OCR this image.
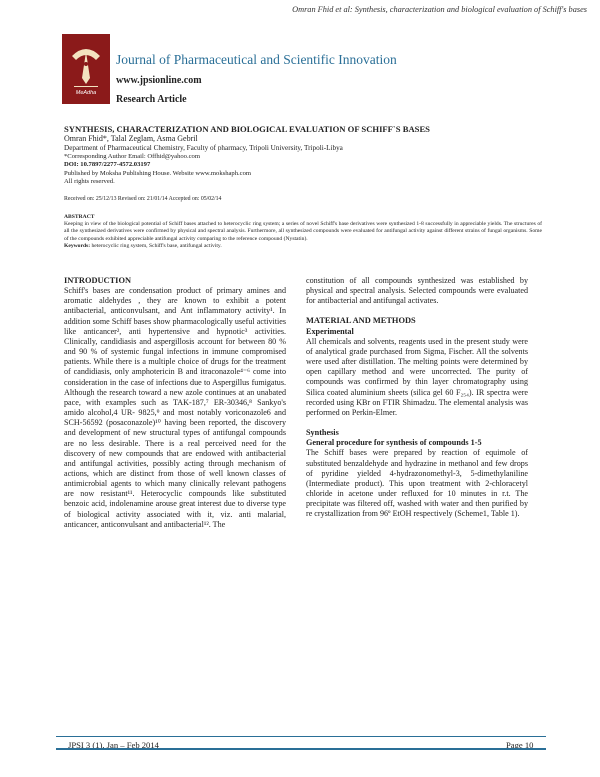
Omran Fhid et al: Synthesis, characterization and biological evaluation of Schiff's bases
MeAdha
Journal of Pharmaceutical and Scientific Innovation
www.jpsionline.com
Research Article
SYNTHESIS, CHARACTERIZATION AND BIOLOGICAL EVALUATION OF SCHIFF`S BASES
Omran Fhid*, Talal Zeglam, Asma Gebril
Department of Pharmaceutical Chemistry, Faculty of pharmacy, Tripoli University, Tripoli-Libya
*Corresponding Author Email: Offhid@yahoo.com
DOI: 10.7897/2277-4572.03197
Published by Moksha Publishing House. Website www.mokshaph.com
All rights reserved.
Received on: 25/12/13 Revised on: 21/01/14 Accepted on: 05/02/14
ABSTRACT
Keeping in view of the biological potential of Schiff bases attached to heterocyclic ring system; a series of novel Schiff's base derivatives were synthesized 1-8 successfully in appreciable yields. The structures of all the synthesized derivatives were confirmed by physical and spectral analysis. Furthermore, all synthesized compounds were evaluated for antifungal activity against different strains of fungal organisms. Some of the compounds exhibited appreciable antifungal activity comparing to the reference compound (Nystatin).
Keywords: heterocyclic ring system, Schiff's base, antifungal activity.

INTRODUCTION

Schiff's bases are condensation product of primary amines and aromatic aldehydes , they are known to exhibit a potent antibacterial, anticonvulsant, and Ant inflammatory activity¹. In addition some Schiff bases show pharmacologically useful activities like anticancer², anti hypertensive and hypnotic³ activities. Clinically, candidiasis and aspergillosis account for between 80 % and 90 % of systemic fungal infections in immune compromised patients. While there is a multiple choice of drugs for the treatment of candidiasis, only amphotericin B and itraconazole⁴⁻⁶ come into consideration in the case of infections due to Aspergillus fumigatus. Although the research toward a new azole continues at an unabated pace, with examples such as TAK-187,⁷ ER-30346,⁸ Sankyo's amido alcohol,4 UR- 9825,⁹ and most notably voriconazole6 and SCH-56592 (posaconazole)¹⁰ having been reported, the discovery and development of new structural types of antifungal compounds are no less desirable. There is a real perceived need for the discovery of new compounds that are endowed with antibacterial and antifungal activities, possibly acting through mechanism of actions, which are distinct from those of well known classes of antimicrobial agents to which many clinically relevant pathogens are now resistant¹¹. Heterocyclic compounds like substituted benzoic acid, indolenamine arouse great interest due to diverse type of biological activity associated with it, viz. anti malarial, anticancer, anticonvulsant and antibacterial¹². The

constitution of all compounds synthesized was established by physical and spectral analysis. Selected compounds were evaluated for antibacterial and antifungal activates.

MATERIAL AND METHODS

Experimental

All chemicals and solvents, reagents used in the present study were of analytical grade purchased from Sigma, Fischer. All the solvents were used after distillation. The melting points were determined by open capillary method and were uncorrected. The purity of compounds was confirmed by thin layer chromatography using Silica coated aluminium sheets (silica gel 60 F₂₅₄). IR spectra were recorded using KBr on FTIR Shimadzu. The elemental analysis was performed on Perkin-Elmer.

Synthesis

General procedure for synthesis of compounds 1-5

The Schiff bases were prepared by reaction of equimole of substituted benzaldehyde and hydrazine in methanol and few drops of pyridine yielded 4-hydrazonomethyl-3, 5-dimethylaniline (Intermediate product). This upon treatment with 2-chloracetyl chloride in acetone under refluxed for 10 minutes in r.t. The precipitate was filtered off, washed with water and then purified by re crystallization from 96º EtOH respectively (Scheme1, Table 1).

JPSI 3 (1), Jan – Feb 2014	Page 10
